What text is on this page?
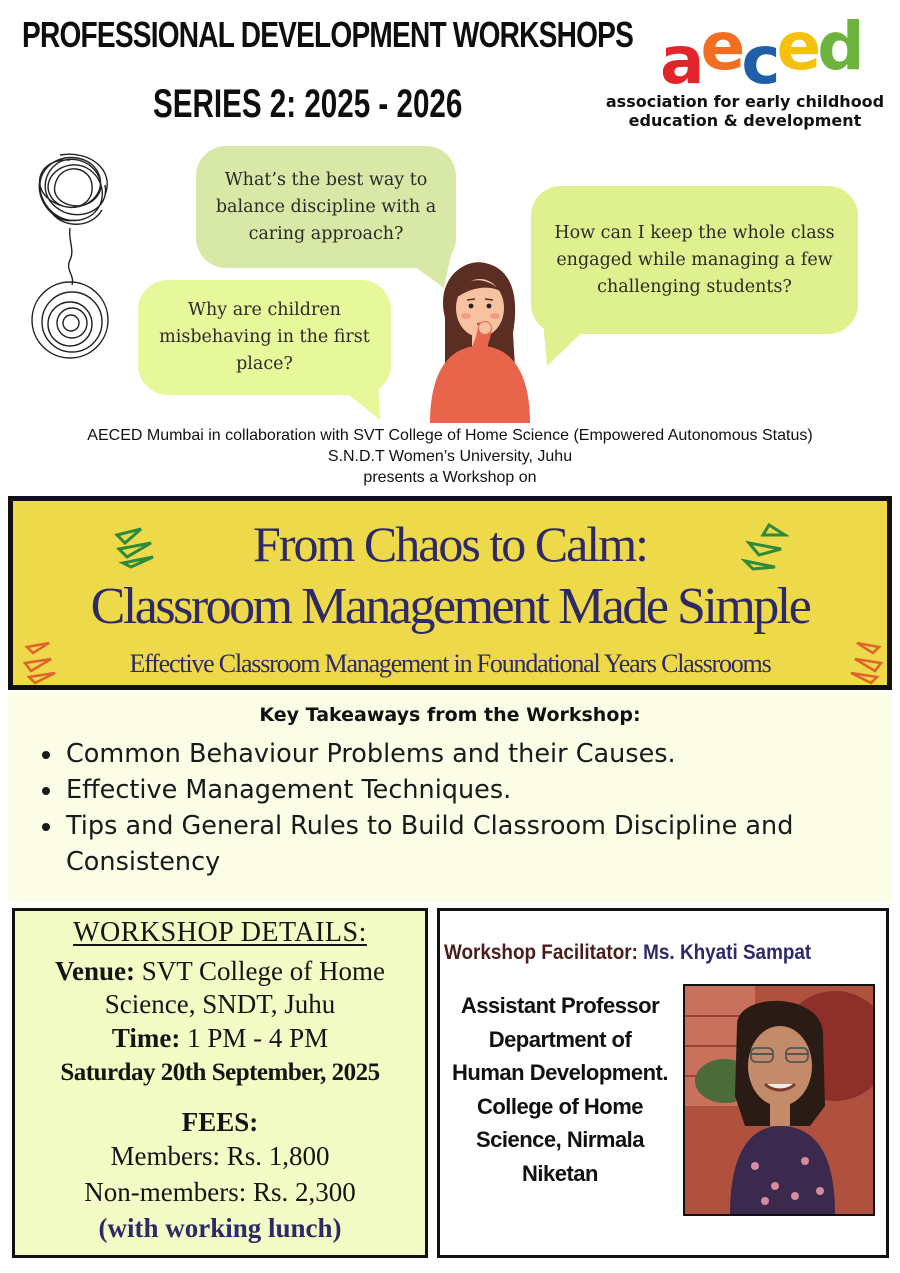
PROFESSIONAL DEVELOPMENT WORKSHOPS
SERIES 2: 2025 - 2026
aeced
association for early childhood
education & development
What’s the best way to balance discipline with a caring approach?	How can I keep the whole class engaged while managing a few challenging students?
Why are children misbehaving in the first place?
AECED Mumbai in collaboration with SVT College of Home Science (Empowered Autonomous Status)
S.N.D.T Women’s University, Juhu
presents a Workshop on
From Chaos to Calm:
Classroom Management Made Simple
Effective Classroom Management in Foundational Years Classrooms
Key Takeaways from the Workshop:
Common Behaviour Problems and their Causes.
Effective Management Techniques.
Tips and General Rules to Build Classroom Discipline and Consistency
WORKSHOP DETAILS:
Venue: SVT College of Home Science, SNDT, Juhu
Time: 1 PM - 4 PM
Saturday 20th September, 2025
FEES:
Members: Rs. 1,800
Non-members: Rs. 2,300
(with working lunch)
Workshop Facilitator: Ms. Khyati Sampat
Assistant Professor Department of Human Development. College of Home Science, Nirmala Niketan
